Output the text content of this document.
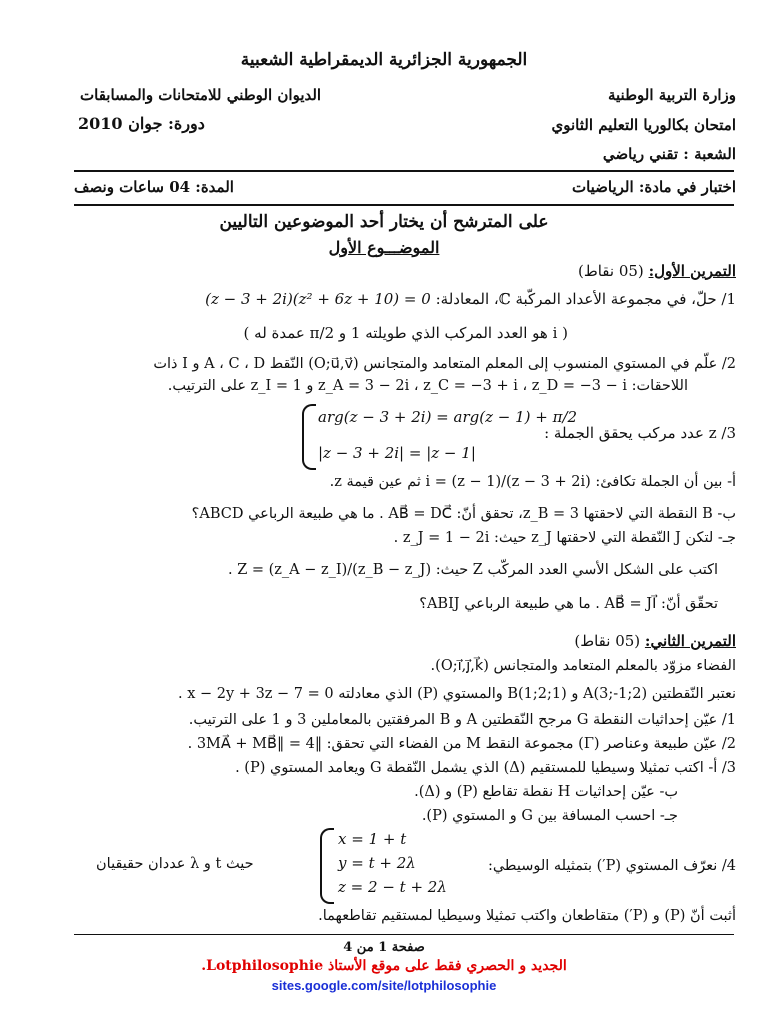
الجمهورية الجزائرية الديمقراطية الشعبية
وزارة التربية الوطنية
الديوان الوطني للامتحانات والمسابقات
امتحان بكالوريا التعليم الثانوي
دورة: جوان 2010
الشعبة : تقني رياضي
اختبار في مادة: الرياضيات
المدة: 04 ساعات ونصف
على المترشح أن يختار أحد الموضوعين التاليين
الموضـــوع الأول
التمرين الأول: (05 نقاط)
1/ حلّ، في مجموعة الأعداد المركّبة ℂ، المعادلة: (z − 3 + 2i)(z² + 6z + 10) = 0
( i هو العدد المركب الذي طويلته 1 و π/2 عمدة له )
2/ علّم في المستوي المنسوب إلى المعلم المتعامد والمتجانس (O;u⃗,v⃗) النّقط A ، C ، D و I ذات
اللاحقات: z_A = 3 − 2i ، z_C = −3 + i ، z_D = −3 − i و z_I = 1 على الترتيب.
3/ z عدد مركب يحقق الجملة :
arg(z − 3 + 2i) = arg(z − 1) + π/2
|z − 3 + 2i| = |z − 1|
أ- بين أن الجملة تكافئ: (z − 3 + 2i)/(z − 1) = i ثم عين قيمة z.
ب- B النقطة التي لاحقتها z_B = 3، تحقق أنّ: AB⃗ = DC⃗ . ما هي طبيعة الرباعي ABCD؟
جـ- لتكن J النّقطة التي لاحقتها z_J حيث: z_J = 1 − 2i .
اكتب على الشكل الأسي العدد المركّب Z حيث: Z = (z_A − z_I)/(z_B − z_J) .
تحقّق أنّ: AB⃗ = JI⃗ . ما هي طبيعة الرباعي ABIJ؟
التمرين الثاني: (05 نقاط)
الفضاء مزوّد بالمعلم المتعامد والمتجانس (O;i⃗,j⃗,k⃗).
نعتبر النّقطتين A(3;-1;2) و B(1;2;1) والمستوي (P) الذي معادلته x − 2y + 3z − 7 = 0 .
1/ عيّن إحداثيات النقطة G مرجح النّقطتين A و B المرفقتين بالمعاملين 3 و 1 على الترتيب.
2/ عيّن طبيعة وعناصر (Γ) مجموعة النقط M من الفضاء التي تحقق: ‖3MA⃗ + MB⃗‖ = 4 .
3/ أ- اكتب تمثيلا وسيطيا للمستقيم (Δ) الذي يشمل النّقطة G ويعامد المستوي (P) .
ب- عيّن إحداثيات H نقطة تقاطع (P) و (Δ).
جـ- احسب المسافة بين G و المستوي (P).
4/ نعرّف المستوي (P′) بتمثيله الوسيطي:
x = 1 + t
y = t + 2λ
z = 2 − t + 2λ
حيث t و λ عددان حقيقيان
أثبت أنّ (P) و (P′) متقاطعان واكتب تمثيلا وسيطيا لمستقيم تقاطعهما.
صفحة 1 من 4
الجديد و الحصري فقط على موقع الأستاذ Lotphilosophie.
sites.google.com/site/lotphilosophie
